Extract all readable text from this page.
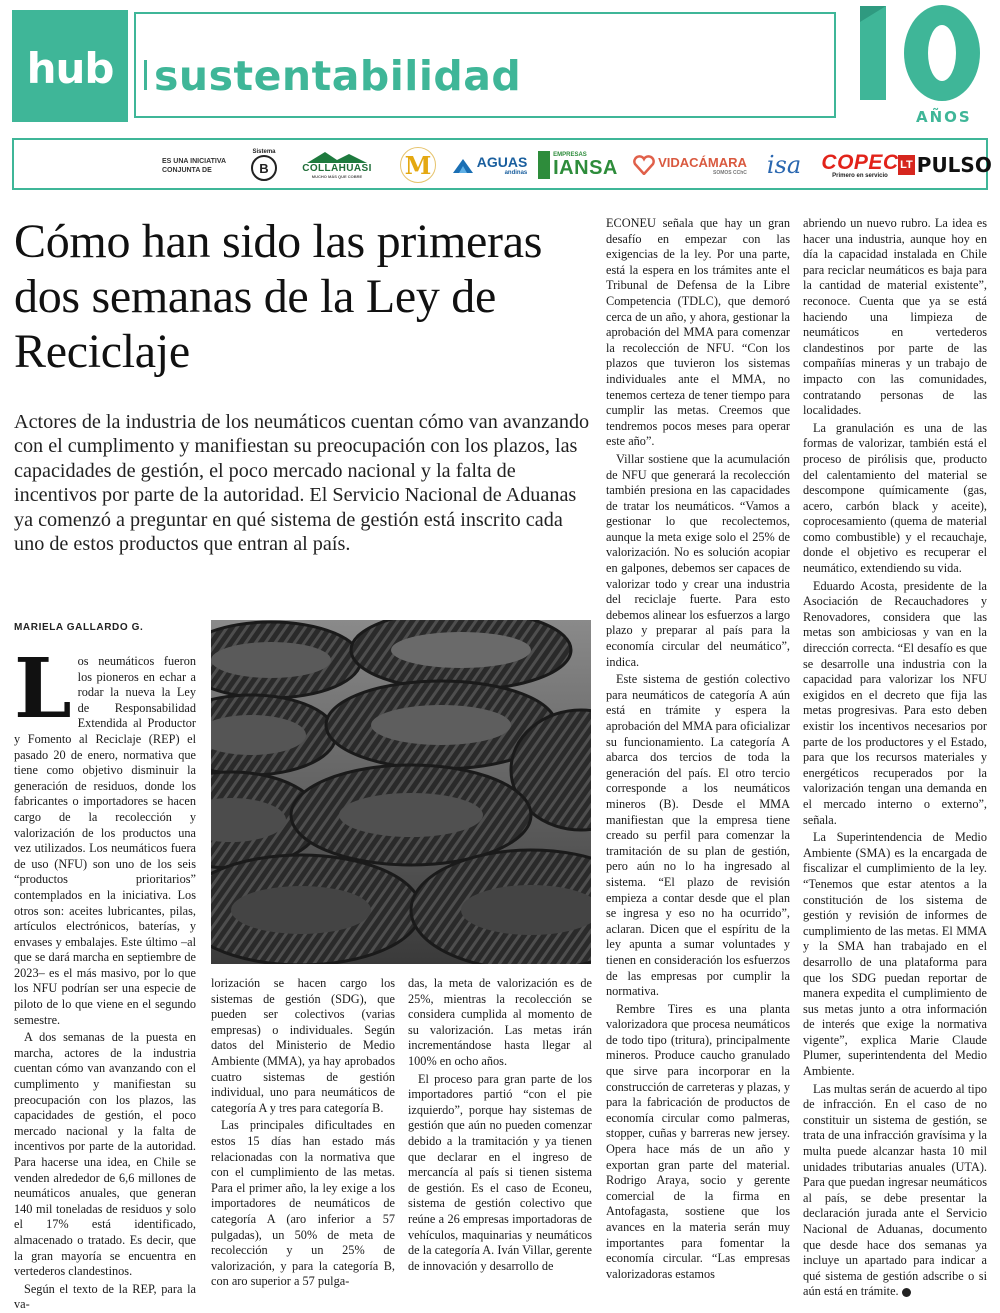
hub sustentabilidad
AÑOS
ES UNA INICIATIVA CONJUNTA DE
Sistema
B	COLLAHUASI
MUCHO MÁS QUE COBRE M	AGUAS
andinas
EMPRESAS
IANSA	VIDACÁMARA
SOMOS CChC isa COPEC
Primero en servicio
LT PULSO
Cómo han sido las primeras dos semanas de la Ley de Reciclaje

Actores de la industria de los neumáticos cuentan cómo van avanzando con el cumplimento y manifiestan su preocupación con los plazos, las capacidades de gestión, el poco mercado nacional y la falta de incentivos por parte de la autoridad. El Servicio Nacional de Aduanas ya comenzó a preguntar en qué sistema de gestión está inscrito cada uno de estos productos que entran al país.

MARIELA GALLARDO G.

Los neumáticos fueron los pioneros en echar a rodar la nueva la Ley de Responsabilidad Extendida al Productor y Fomento al Reciclaje (REP) el pasado 20 de enero, normativa que tiene como objetivo disminuir la generación de residuos, donde los fabricantes o importadores se hacen cargo de la recolección y valorización de los productos una vez utilizados. Los neumáticos fuera de uso (NFU) son uno de los seis “productos prioritarios” contemplados en la iniciativa. Los otros son: aceites lubricantes, pilas, artículos electrónicos, baterías, y envases y embalajes. Este último –al que se dará marcha en septiembre de 2023– es el más masivo, por lo que los NFU podrían ser una especie de piloto de lo que viene en el segundo semestre.

A dos semanas de la puesta en marcha, actores de la industria cuentan cómo van avanzando con el cumplimento y manifiestan su preocupación con los plazos, las capacidades de gestión, el poco mercado nacional y la falta de incentivos por parte de la autoridad. Para hacerse una idea, en Chile se venden alrededor de 6,6 millones de neumáticos anuales, que generan 140 mil toneladas de residuos y solo el 17% está identificado, almacenado o tratado. Es decir, que la gran mayoría se encuentra en vertederos clandestinos.

Según el texto de la REP, para la va-

lorización se hacen cargo los sistemas de gestión (SDG), que pueden ser colectivos (varias empresas) o individuales. Según datos del Ministerio de Medio Ambiente (MMA), ya hay aprobados cuatro sistemas de gestión individual, uno para neumáticos de categoría A y tres para categoría B.

Las principales dificultades en estos 15 días han estado más relacionadas con la normativa que con el cumplimiento de las metas. Para el primer año, la ley exige a los importadores de neumáticos de categoría A (aro inferior a 57 pulgadas), un 50% de meta de recolección y un 25% de valorización, y para la categoría B, con aro superior a 57 pulga-

das, la meta de valorización es de 25%, mientras la recolección se considera cumplida al momento de su valorización. Las metas irán incrementándose hasta llegar al 100% en ocho años.

El proceso para gran parte de los importadores partió “con el pie izquierdo”, porque hay sistemas de gestión que aún no pueden comenzar debido a la tramitación y ya tienen que declarar en el ingreso de mercancía al país si tienen sistema de gestión. Es el caso de Econeu, sistema de gestión colectivo que reúne a 26 empresas importadoras de vehículos, maquinarias y neumáticos de la categoría A. Iván Villar, gerente de innovación y desarrollo de

ECONEU señala que hay un gran desafío en empezar con las exigencias de la ley. Por una parte, está la espera en los trámites ante el Tribunal de Defensa de la Libre Competencia (TDLC), que demoró cerca de un año, y ahora, gestionar la aprobación del MMA para comenzar la recolección de NFU. “Con los plazos que tuvieron los sistemas individuales ante el MMA, no tenemos certeza de tener tiempo para cumplir las metas. Creemos que tendremos pocos meses para operar este año”.

Villar sostiene que la acumulación de NFU que generará la recolección también presiona en las capacidades de tratar los neumáticos. “Vamos a gestionar lo que recolectemos, aunque la meta exige solo el 25% de valorización. No es solución acopiar en galpones, debemos ser capaces de valorizar todo y crear una industria del reciclaje fuerte. Para esto debemos alinear los esfuerzos a largo plazo y preparar al país para la economía circular del neumático”, indica.

Este sistema de gestión colectivo para neumáticos de categoría A aún está en trámite y espera la aprobación del MMA para oficializar su funcionamiento. La categoría A abarca dos tercios de toda la generación del país. El otro tercio corresponde a los neumáticos mineros (B). Desde el MMA manifiestan que la empresa tiene creado su perfil para comenzar la tramitación de su plan de gestión, pero aún no lo ha ingresado al sistema. “El plazo de revisión empieza a contar desde que el plan se ingresa y eso no ha ocurrido”, aclaran. Dicen que el espíritu de la ley apunta a sumar voluntades y tienen en consideración los esfuerzos de las empresas por cumplir la normativa.

Rembre Tires es una planta valorizadora que procesa neumáticos de todo tipo (tritura), principalmente mineros. Produce caucho granulado que sirve para incorporar en la construcción de carreteras y plazas, y para la fabricación de productos de economía circular como palmeras, stopper, cuñas y barreras new jersey. Opera hace más de un año y exportan gran parte del material. Rodrigo Araya, socio y gerente comercial de la firma en Antofagasta, sostiene que los avances en la materia serán muy importantes para fomentar la economía circular. “Las empresas valorizadoras estamos

abriendo un nuevo rubro. La idea es hacer una industria, aunque hoy en día la capacidad instalada en Chile para reciclar neumáticos es baja para la cantidad de material existente”, reconoce. Cuenta que ya se está haciendo una limpieza de neumáticos en vertederos clandestinos por parte de las compañías mineras y un trabajo de impacto con las comunidades, contratando personas de las localidades.

La granulación es una de las formas de valorizar, también está el proceso de pirólisis que, producto del calentamiento del material se descompone químicamente (gas, acero, carbón black y aceite), coprocesamiento (quema de material como combustible) y el recauchaje, donde el objetivo es recuperar el neumático, extendiendo su vida.

Eduardo Acosta, presidente de la Asociación de Recauchadores y Renovadores, considera que las metas son ambiciosas y van en la dirección correcta. “El desafío es que se desarrolle una industria con la capacidad para valorizar los NFU exigidos en el decreto que fija las metas progresivas. Para esto deben existir los incentivos necesarios por parte de los productores y el Estado, para que los recursos materiales y energéticos recuperados por la valorización tengan una demanda en el mercado interno o externo”, señala.

La Superintendencia de Medio Ambiente (SMA) es la encargada de fiscalizar el cumplimiento de la ley. “Tenemos que estar atentos a la constitución de los sistema de gestión y revisión de informes de cumplimiento de las metas. El MMA y la SMA han trabajado en el desarrollo de una plataforma para que los SDG puedan reportar de manera expedita el cumplimiento de sus metas junto a otra información de interés que exige la normativa vigente”, explica Marie Claude Plumer, superintendenta del Medio Ambiente.

Las multas serán de acuerdo al tipo de infracción. En el caso de no constituir un sistema de gestión, se trata de una infracción gravísima y la multa puede alcanzar hasta 10 mil unidades tributarias anuales (UTA). Para que puedan ingresar neumáticos al país, se debe presentar la declaración jurada ante el Servicio Nacional de Aduanas, documento que desde hace dos semanas ya incluye un apartado para indicar a qué sistema de gestión adscribe o si aún está en trámite.
